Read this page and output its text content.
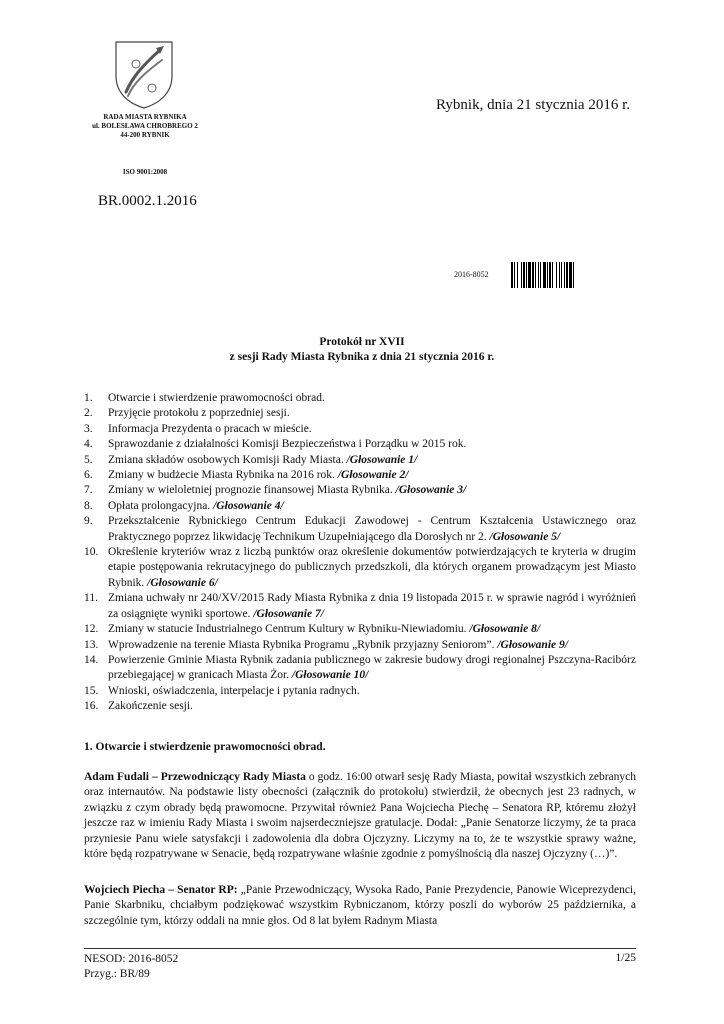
RADA MIASTA RYBNIKA
ul. BOLESŁAWA CHROBREGO 2
44-200 RYBNIK
ISO 9001:2008
Rybnik, dnia 21 stycznia 2016 r.
BR.0002.1.2016
2016-8052
Protokół nr XVII
z sesji Rady Miasta Rybnika z dnia 21 stycznia 2016 r.
1. Otwarcie i stwierdzenie prawomocności obrad.
2. Przyjęcie protokołu z poprzedniej sesji.
3. Informacja Prezydenta o pracach w mieście.
4. Sprawozdanie z działalności Komisji Bezpieczeństwa i Porządku w 2015 rok.
5. Zmiana składów osobowych Komisji Rady Miasta. /Głosowanie 1/
6. Zmiany w budżecie Miasta Rybnika na 2016 rok. /Głosowanie 2/
7. Zmiany w wieloletniej prognozie finansowej Miasta Rybnika. /Głosowanie 3/
8. Opłata prolongacyjna. /Głosowanie 4/
9. Przekształcenie Rybnickiego Centrum Edukacji Zawodowej - Centrum Kształcenia Ustawicznego oraz Praktycznego poprzez likwidację Technikum Uzupełniającego dla Dorosłych nr 2. /Głosowanie 5/
10. Określenie kryteriów wraz z liczbą punktów oraz określenie dokumentów potwierdzających te kryteria w drugim etapie postępowania rekrutacyjnego do publicznych przedszkoli, dla których organem prowadzącym jest Miasto Rybnik. /Głosowanie 6/
11. Zmiana uchwały nr 240/XV/2015 Rady Miasta Rybnika z dnia 19 listopada 2015 r. w sprawie nagród i wyróżnień za osiągnięte wyniki sportowe. /Głosowanie 7/
12. Zmiany w statucie Industrialnego Centrum Kultury w Rybniku-Niewiadomiu. /Głosowanie 8/
13. Wprowadzenie na terenie Miasta Rybnika Programu „Rybnik przyjazny Seniorom”. /Głosowanie 9/
14. Powierzenie Gminie Miasta Rybnik zadania publicznego w zakresie budowy drogi regionalnej Pszczyna-Racibórz przebiegającej w granicach Miasta Żor. /Głosowanie 10/
15. Wnioski, oświadczenia, interpelacje i pytania radnych.
16. Zakończenie sesji.
1. Otwarcie i stwierdzenie prawomocności obrad.

Adam Fudali – Przewodniczący Rady Miasta o godz. 16:00 otwarł sesję Rady Miasta, powitał wszystkich zebranych oraz internautów. Na podstawie listy obecności (załącznik do protokołu) stwierdził, że obecnych jest 23 radnych, w związku z czym obrady będą prawomocne. Przywitał również Pana Wojciecha Piechę – Senatora RP, któremu złożył jeszcze raz w imieniu Rady Miasta i swoim najserdeczniejsze gratulacje. Dodał: „Panie Senatorze liczymy, że ta praca przyniesie Panu wiele satysfakcji i zadowolenia dla dobra Ojczyzny. Liczymy na to, że te wszystkie sprawy ważne, które będą rozpatrywane w Senacie, będą rozpatrywane właśnie zgodnie z pomyślnością dla naszej Ojczyzny (…)”.

Wojciech Piecha – Senator RP: „Panie Przewodniczący, Wysoka Rado, Panie Prezydencie, Panowie Wiceprezydenci, Panie Skarbniku, chciałbym podziękować wszystkim Rybniczanom, którzy poszli do wyborów 25 października, a szczególnie tym, którzy oddali na mnie głos. Od 8 lat byłem Radnym Miasta

NESOD: 2016-8052
Przyg.: BR/89
1/25
